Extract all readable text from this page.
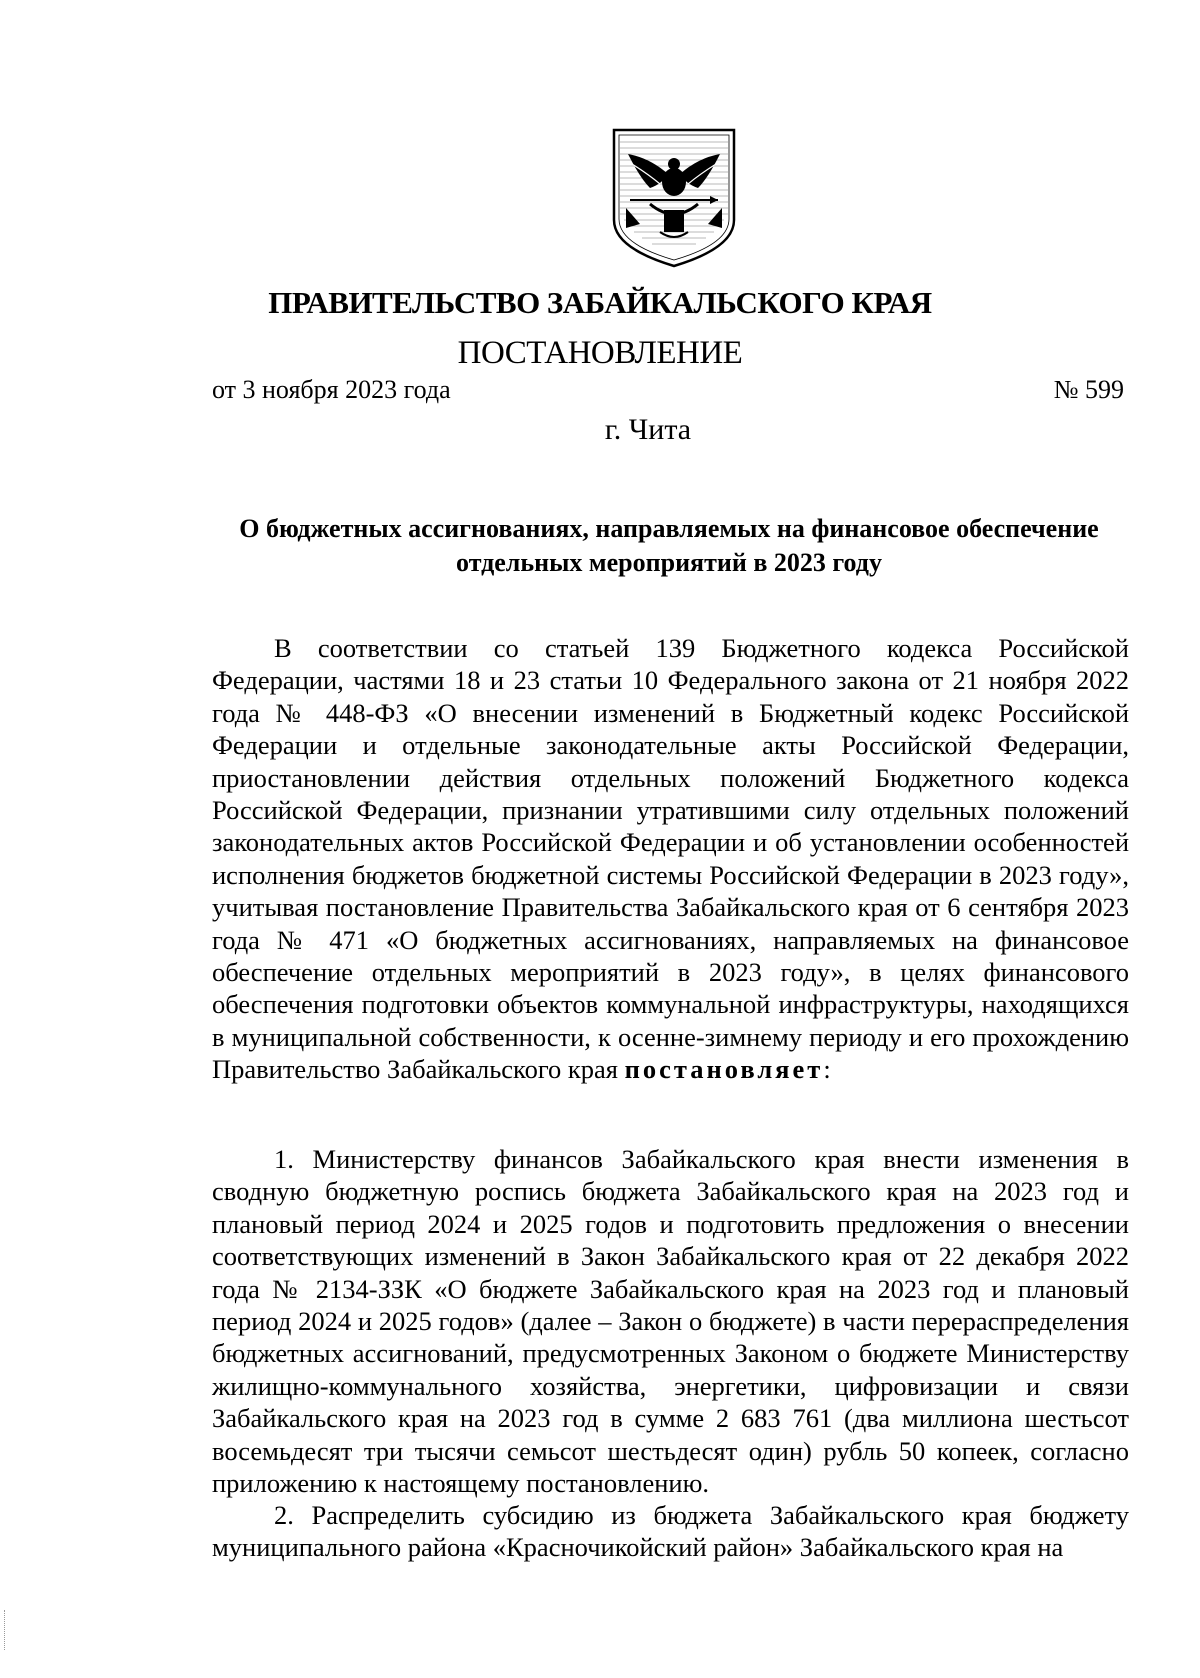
ПРАВИТЕЛЬСТВО ЗАБАЙКАЛЬСКОГО КРАЯ
ПОСТАНОВЛЕНИЕ
от 3 ноября 2023 года	№ 599
г. Чита
О бюджетных ассигнованиях, направляемых на финансовое обеспечение
отдельных мероприятий в 2023 году
В соответствии со статьей 139 Бюджетного кодекса Российской Федерации, частями 18 и 23 статьи 10 Федерального закона от 21 ноября 2022 года № 448-ФЗ «О внесении изменений в Бюджетный кодекс Российской Федерации и отдельные законодательные акты Российской Федерации, приостановлении действия отдельных положений Бюджетного кодекса Российской Федерации, признании утратившими силу отдельных положений законодательных актов Российской Федерации и об установлении особенностей исполнения бюджетов бюджетной системы Российской Федерации в 2023 году», учитывая постановление Правительства Забайкальского края от 6 сентября 2023 года № 471 «О бюджетных ассигнованиях, направляемых на финансовое обеспечение отдельных мероприятий в 2023 году», в целях финансового обеспечения подготовки объектов коммунальной инфраструктуры, находящихся в муниципальной собственности, к осенне-зимнему периоду и его прохождению Правительство Забайкальского края постановляет:
1. Министерству финансов Забайкальского края внести изменения в сводную бюджетную роспись бюджета Забайкальского края на 2023 год и плановый период 2024 и 2025 годов и подготовить предложения о внесении соответствующих изменений в Закон Забайкальского края от 22 декабря 2022 года № 2134-ЗЗК «О бюджете Забайкальского края на 2023 год и плановый период 2024 и 2025 годов» (далее – Закон о бюджете) в части перераспределения бюджетных ассигнований, предусмотренных Законом о бюджете Министерству жилищно-коммунального хозяйства, энергетики, цифровизации и связи Забайкальского края на 2023 год в сумме 2 683 761 (два миллиона шестьсот восемьдесят три тысячи семьсот шестьдесят один) рубль 50 копеек, согласно приложению к настоящему постановлению.
2. Распределить субсидию из бюджета Забайкальского края бюджету муниципального района «Красночикойский район» Забайкальского края на
